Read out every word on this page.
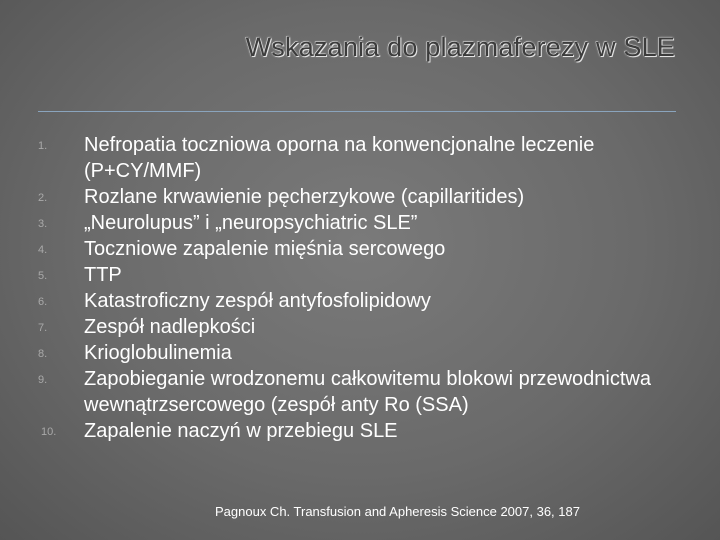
Wskazania do plazmaferezy w SLE
1.	Nefropatia toczniowa oporna na konwencjonalne leczenie (P+CY/MMF)
2.	Rozlane krwawienie pęcherzykowe (capillaritides)
3.	„Neurolupus” i „neuropsychiatric SLE”
4.	Toczniowe zapalenie mięśnia sercowego
5.	TTP
6.	Katastroficzny zespół antyfosfolipidowy
7.	Zespół nadlepkości
8.	Krioglobulinemia
9.	Zapobieganie wrodzonemu całkowitemu blokowi przewodnictwa wewnątrzsercowego (zespół anty Ro (SSA)
10.	Zapalenie naczyń w przebiegu SLE
Pagnoux Ch. Transfusion and Apheresis Science 2007, 36, 187
